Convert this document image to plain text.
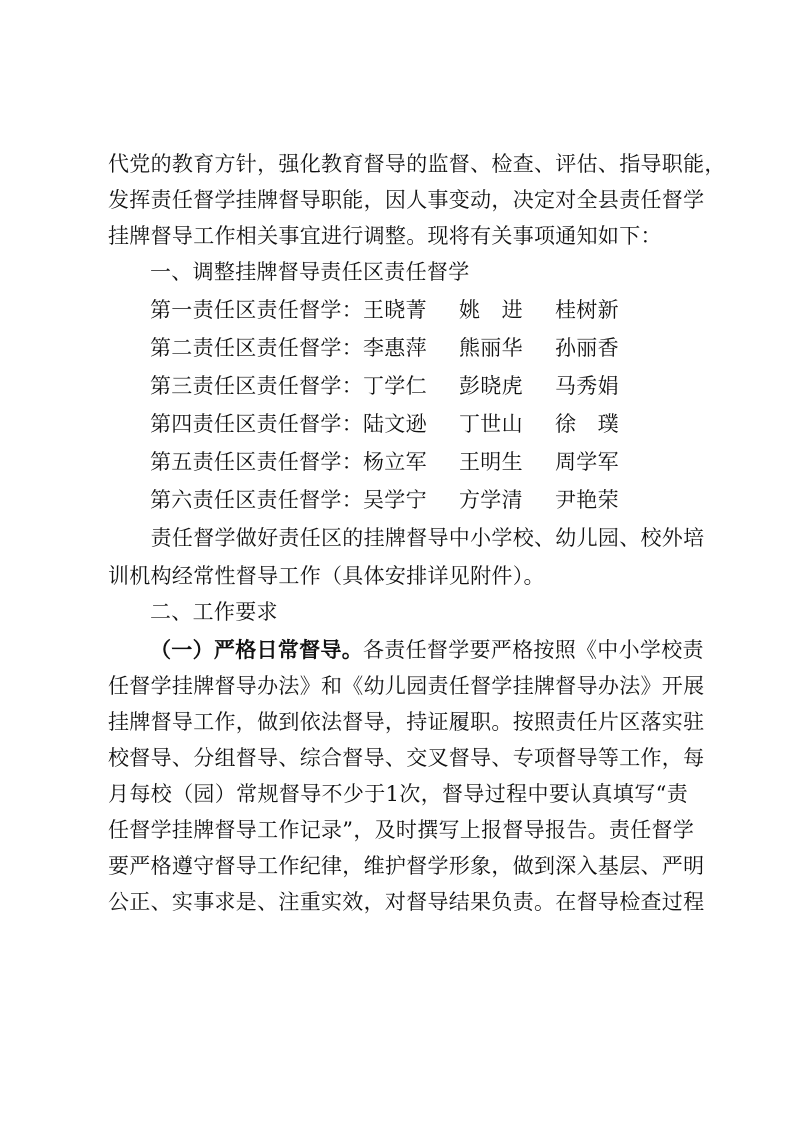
代党的教育方针，强化教育督导的监督、检查、评估、指导职能，
发挥责任督学挂牌督导职能，因人事变动，决定对全县责任督学
挂牌督导工作相关事宜进行调整。现将有关事项通知如下：
一、调整挂牌督导责任区责任督学
第一责任区责任督学：王晓菁 姚　进 桂树新
第二责任区责任督学：李惠萍 熊丽华 孙丽香
第三责任区责任督学：丁学仁 彭晓虎 马秀娟
第四责任区责任督学：陆文逊 丁世山 徐　璞
第五责任区责任督学：杨立军 王明生 周学军
第六责任区责任督学：吴学宁 方学清 尹艳荣
　　责任督学做好责任区的挂牌督导中小学校、幼儿园、校外培
训机构经常性督导工作（具体安排详见附件）。
二、工作要求
（一）严格日常督导。各责任督学要严格按照《中小学校责
任督学挂牌督导办法》和《幼儿园责任督学挂牌督导办法》开展
挂牌督导工作，做到依法督导，持证履职。按照责任片区落实驻
校督导、分组督导、综合督导、交叉督导、专项督导等工作，每
月每校（园）常规督导不少于1次，督导过程中要认真填写“责
任督学挂牌督导工作记录”，及时撰写上报督导报告。责任督学
要严格遵守督导工作纪律，维护督学形象，做到深入基层、严明
公正、实事求是、注重实效，对督导结果负责。在督导检查过程
